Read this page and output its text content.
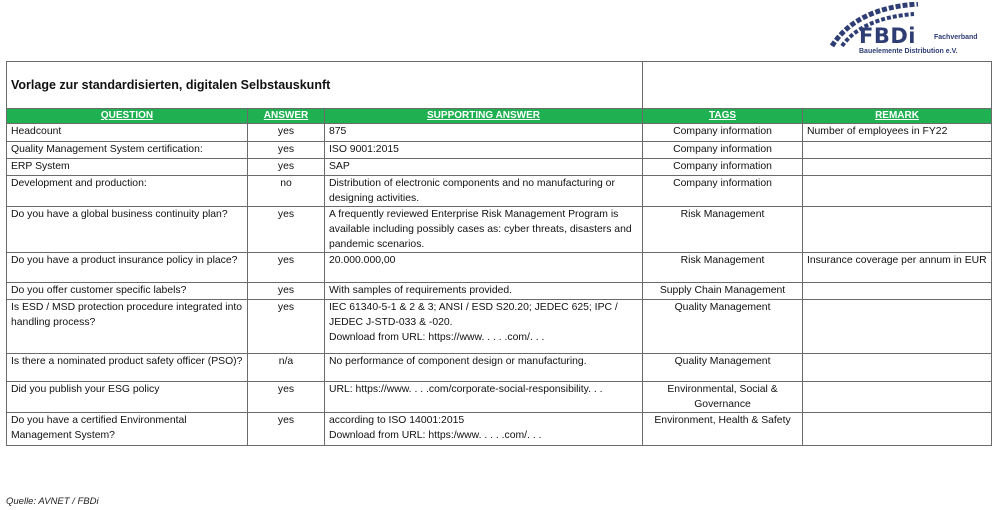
FBDi	Fachverband
Bauelemente Distribution e.V.
Vorlage zur standardisierten, digitalen Selbstauskunft				
QUESTION	ANSWER	SUPPORTING ANSWER	TAGS	REMARK

Headcount	yes	875	Company information	Number of employees in FY22

Quality Management System certification:	yes	ISO 9001:2015	Company information	

ERP System	yes	SAP	Company information	

Development and production:	no	Distribution of electronic components and no manufacturing or designing activities.	Company information	

Do you have a global business continuity plan?	yes	A frequently reviewed Enterprise Risk Management Program is available including possibly cases as: cyber threats, disasters and pandemic scenarios.	Risk Management	

Do you have a product insurance policy in place?	yes	20.000.000,00	Risk Management	Insurance coverage per annum in EUR

Do you offer customer specific labels?	yes	With samples of requirements provided.	Supply Chain Management	

Is ESD / MSD protection procedure integrated into handling process?	yes	IEC 61340-5-1 & 2 & 3; ANSI / ESD S20.20; JEDEC 625; IPC / JEDEC J-STD-033 & -020.
Download from URL: https://www. . . . .com/. . .	Quality Management	

Is there a nominated product safety officer (PSO)?	n/a	No performance of component design or manufacturing.	Quality Management	

Did you publish your ESG policy	yes	URL: https://www. . . .com/corporate-social-responsibility. . .	Environmental, Social & Governance	

Do you have a certified Environmental Management System?	yes	according to ISO 14001:2015
Download from URL: https:/www. . . . .com/. . .	Environment, Health & Safety	

Quelle: AVNET / FBDi
